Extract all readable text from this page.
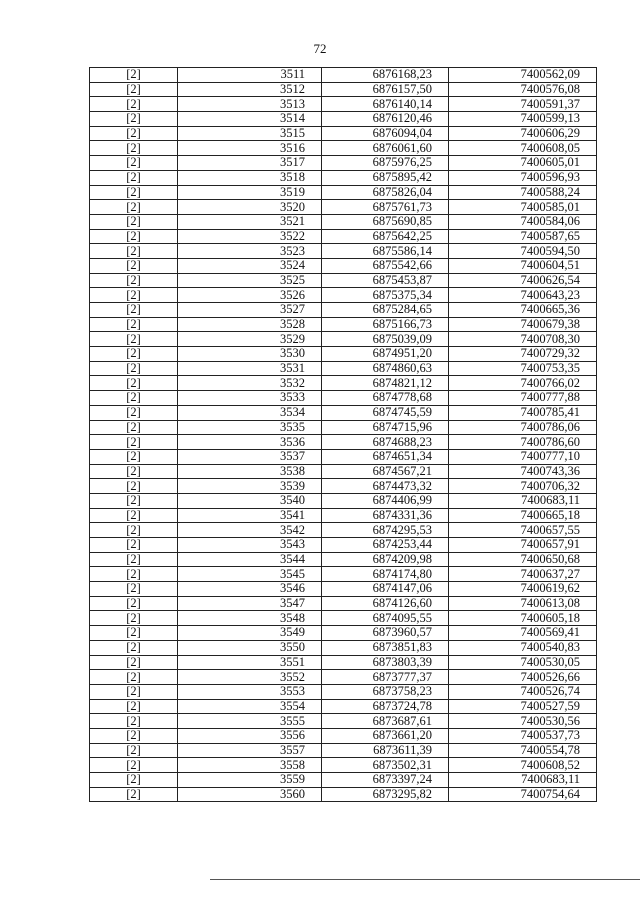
72
[2]	3511	6876168,23	7400562,09
[2]	3512	6876157,50	7400576,08
[2]	3513	6876140,14	7400591,37
[2]	3514	6876120,46	7400599,13
[2]	3515	6876094,04	7400606,29
[2]	3516	6876061,60	7400608,05
[2]	3517	6875976,25	7400605,01
[2]	3518	6875895,42	7400596,93
[2]	3519	6875826,04	7400588,24
[2]	3520	6875761,73	7400585,01
[2]	3521	6875690,85	7400584,06
[2]	3522	6875642,25	7400587,65
[2]	3523	6875586,14	7400594,50
[2]	3524	6875542,66	7400604,51
[2]	3525	6875453,87	7400626,54
[2]	3526	6875375,34	7400643,23
[2]	3527	6875284,65	7400665,36
[2]	3528	6875166,73	7400679,38
[2]	3529	6875039,09	7400708,30
[2]	3530	6874951,20	7400729,32
[2]	3531	6874860,63	7400753,35
[2]	3532	6874821,12	7400766,02
[2]	3533	6874778,68	7400777,88
[2]	3534	6874745,59	7400785,41
[2]	3535	6874715,96	7400786,06
[2]	3536	6874688,23	7400786,60
[2]	3537	6874651,34	7400777,10
[2]	3538	6874567,21	7400743,36
[2]	3539	6874473,32	7400706,32
[2]	3540	6874406,99	7400683,11
[2]	3541	6874331,36	7400665,18
[2]	3542	6874295,53	7400657,55
[2]	3543	6874253,44	7400657,91
[2]	3544	6874209,98	7400650,68
[2]	3545	6874174,80	7400637,27
[2]	3546	6874147,06	7400619,62
[2]	3547	6874126,60	7400613,08
[2]	3548	6874095,55	7400605,18
[2]	3549	6873960,57	7400569,41
[2]	3550	6873851,83	7400540,83
[2]	3551	6873803,39	7400530,05
[2]	3552	6873777,37	7400526,66
[2]	3553	6873758,23	7400526,74
[2]	3554	6873724,78	7400527,59
[2]	3555	6873687,61	7400530,56
[2]	3556	6873661,20	7400537,73
[2]	3557	6873611,39	7400554,78
[2]	3558	6873502,31	7400608,52
[2]	3559	6873397,24	7400683,11
[2]	3560	6873295,82	7400754,64
